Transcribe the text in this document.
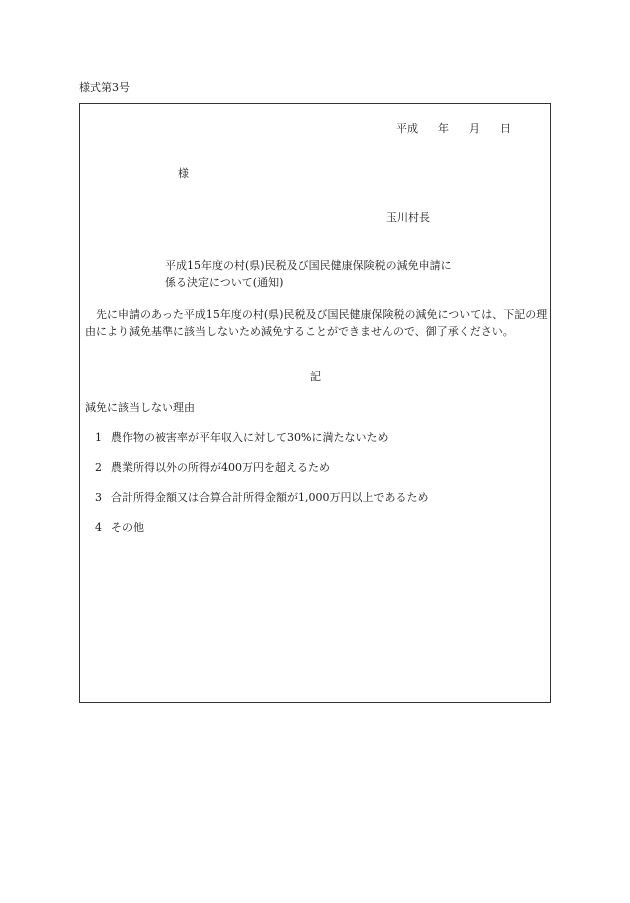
様式第3号
平成 年 月 日
様
玉川村長
平成15年度の村(県)民税及び国民健康保険税の減免申請に
係る決定について(通知)
先に申請のあった平成15年度の村(県)民税及び国民健康保険税の減免については、下記の理由により減免基準に該当しないため減免することができませんので、御了承ください。
記
減免に該当しない理由
1 農作物の被害率が平年収入に対して30%に満たないため
2 農業所得以外の所得が400万円を超えるため
3 合計所得金額又は合算合計所得金額が1,000万円以上であるため
4 その他
